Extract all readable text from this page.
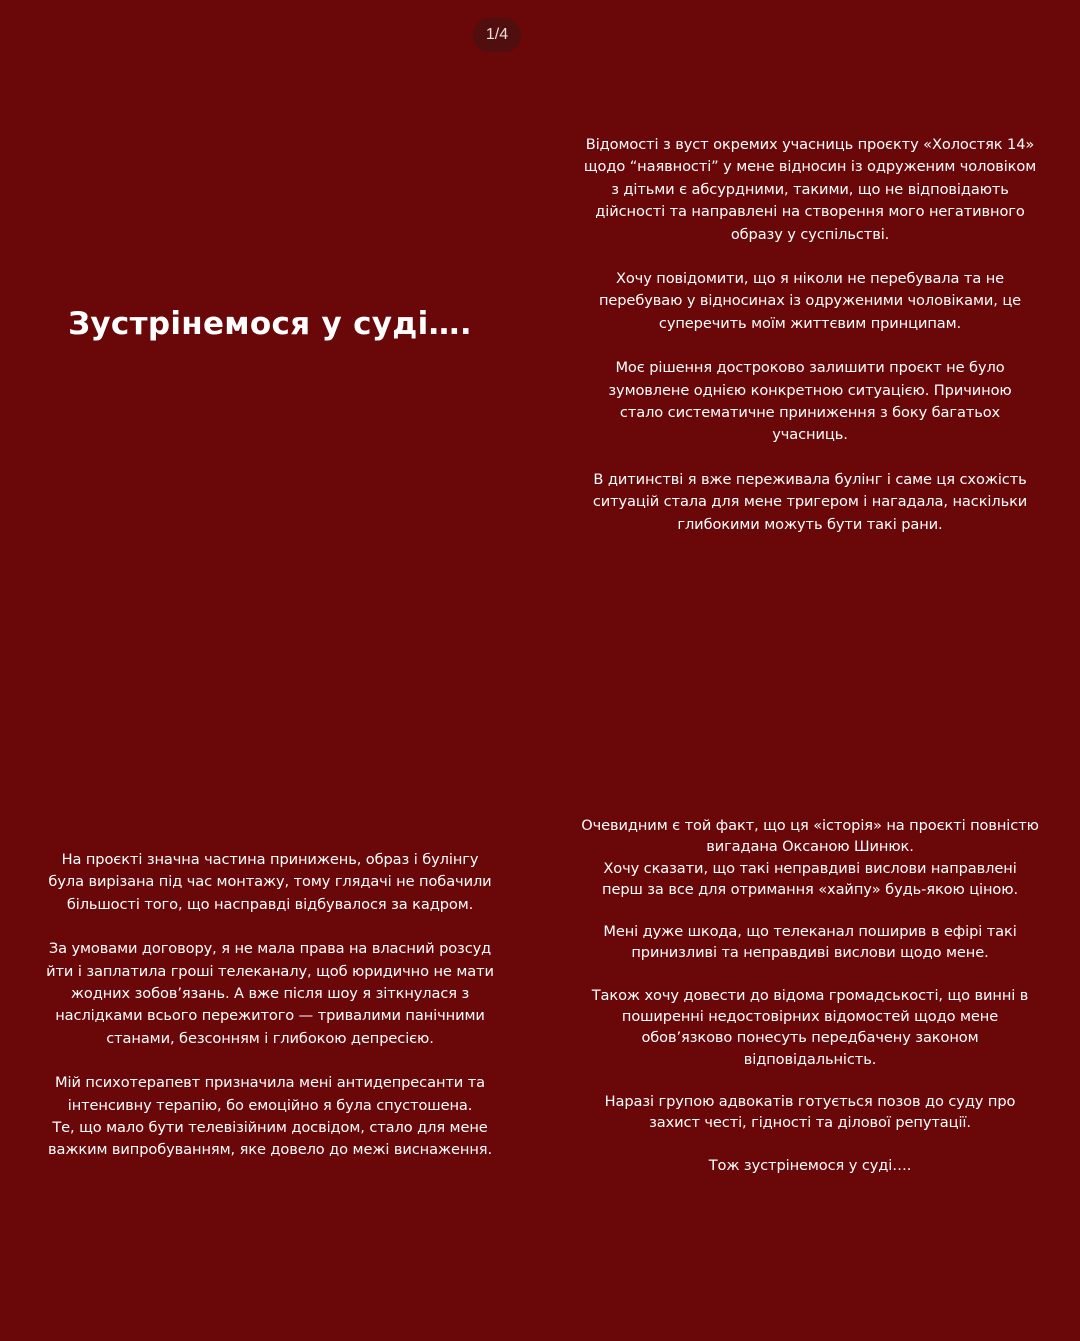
1/4
Зустрінемося у суді….
Відомості з вуст окремих учасниць проєкту «Холостяк 14»
щодо “наявності” у мене відносин із одруженим чоловіком
з дітьми є абсурдними, такими, що не відповідають
дійсності та направлені на створення мого негативного
образу у суспільстві.
Хочу повідомити, що я ніколи не перебувала та не
перебуваю у відносинах із одруженими чоловіками, це
суперечить моїм життєвим принципам.
Моє рішення достроково залишити проєкт не було
зумовлене однією конкретною ситуацією. Причиною
стало систематичне приниження з боку багатьох
учасниць.
В дитинстві я вже переживала булінг і саме ця схожість
ситуацій стала для мене тригером і нагадала, наскільки
глибокими можуть бути такі рани.
На проєкті значна частина принижень, образ і булінгу
була вирізана під час монтажу, тому глядачі не побачили
більшості того, що насправді відбувалося за кадром.
За умовами договору, я не мала права на власний розсуд
йти і заплатила гроші телеканалу, щоб юридично не мати
жодних зобов’язань. А вже після шоу я зіткнулася з
наслідками всього пережитого — тривалими панічними
станами, безсонням і глибокою депресією.
Мій психотерапевт призначила мені антидепресанти та
інтенсивну терапію, бо емоційно я була спустошена.
Те, що мало бути телевізійним досвідом, стало для мене
важким випробуванням, яке довело до межі виснаження.
Очевидним є той факт, що ця «історія» на проєкті повністю
вигадана Оксаною Шинюк.
Хочу сказати, що такі неправдиві вислови направлені
перш за все для отримання «хайпу» будь-якою ціною.
Мені дуже шкода, що телеканал поширив в ефірі такі
принизливі та неправдиві вислови щодо мене.
Також хочу довести до відома громадськості, що винні в
поширенні недостовірних відомостей щодо мене
обов’язково понесуть передбачену законом
відповідальність.
Наразі групою адвокатів готується позов до суду про
захист честі, гідності та ділової репутації.
Тож зустрінемося у суді….
